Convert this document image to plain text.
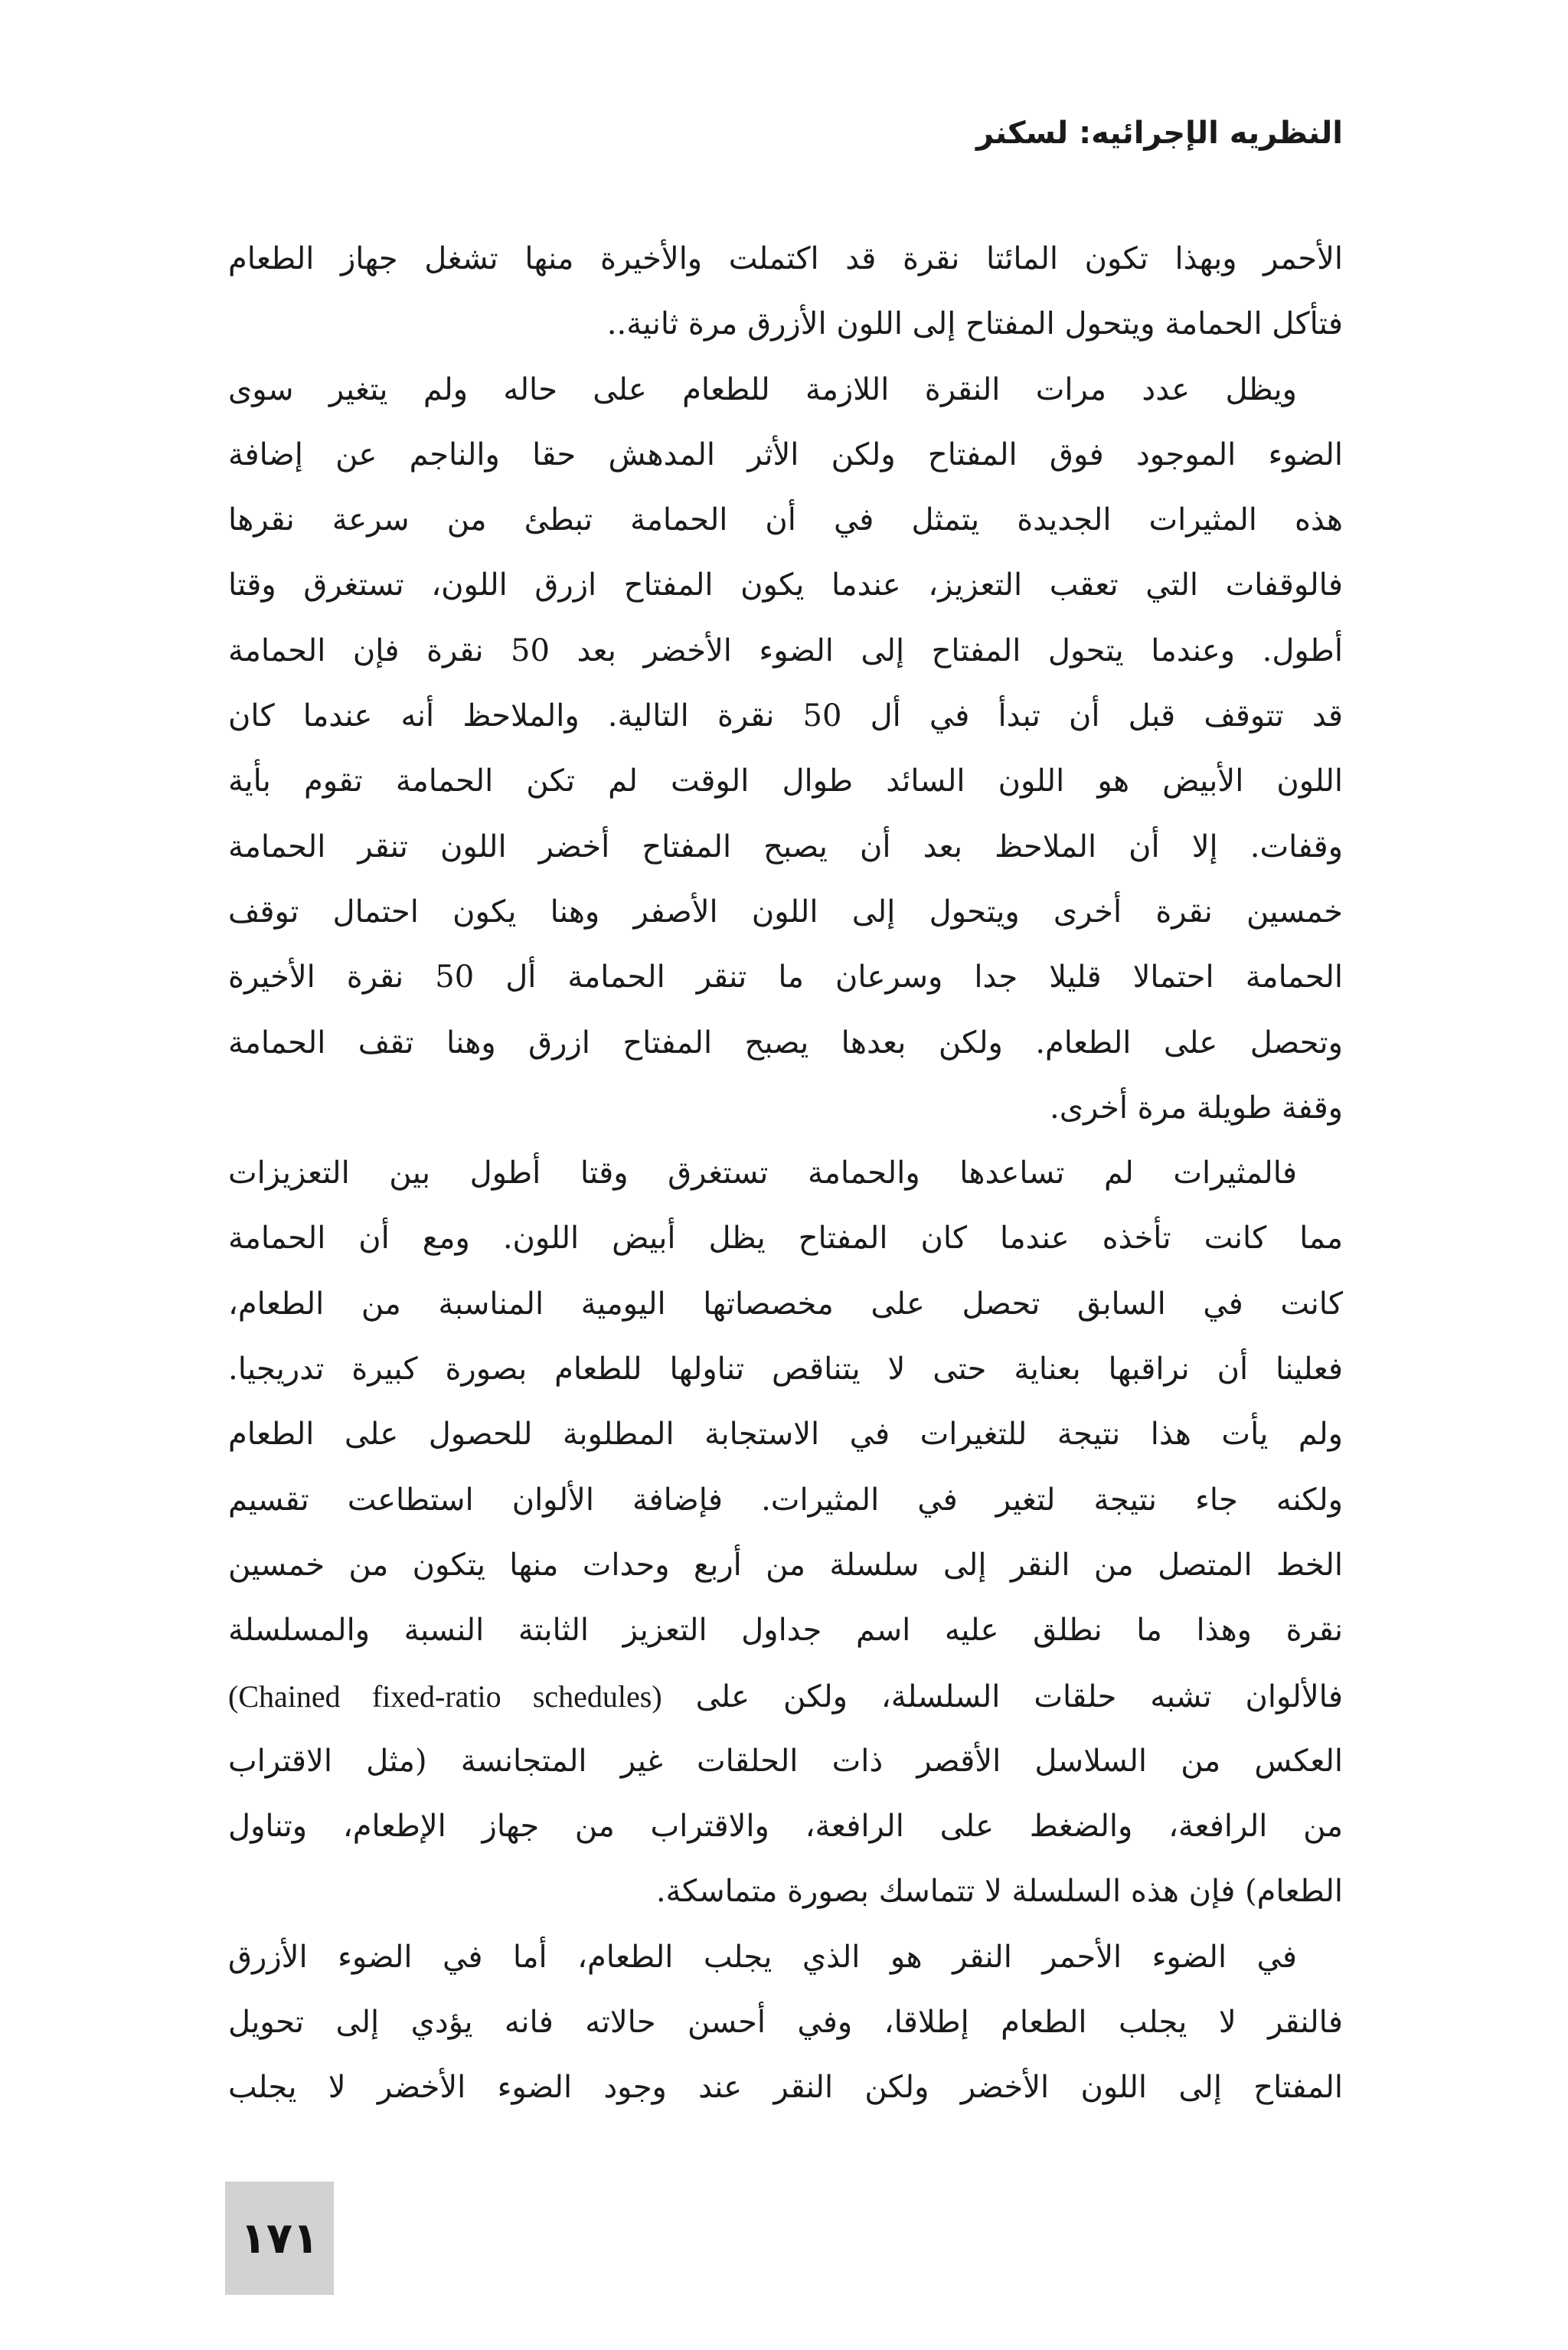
النظريه الإجرائيه: لسكنر
الأحمر وبهذا تكون المائتا نقرة قد اكتملت والأخيرة منها تشغل جهاز الطعام
فتأكل الحمامة ويتحول المفتاح إلى اللون الأزرق مرة ثانية..
ويظل عدد مرات النقرة اللازمة للطعام على حاله ولم يتغير سوى
الضوء الموجود فوق المفتاح ولكن الأثر المدهش حقا والناجم عن إضافة
هذه المثيرات الجديدة يتمثل في أن الحمامة تبطئ من سرعة نقرها
فالوقفات التي تعقب التعزيز، عندما يكون المفتاح ازرق اللون، تستغرق وقتا
أطول. وعندما يتحول المفتاح إلى الضوء الأخضر بعد 50 نقرة فإن الحمامة
قد تتوقف قبل أن تبدأ في أل 50 نقرة التالية. والملاحظ أنه عندما كان
اللون الأبيض هو اللون السائد طوال الوقت لم تكن الحمامة تقوم بأية
وقفات. إلا أن الملاحظ بعد أن يصبح المفتاح أخضر اللون تنقر الحمامة
خمسين نقرة أخرى ويتحول إلى اللون الأصفر وهنا يكون احتمال توقف
الحمامة احتمالا قليلا جدا وسرعان ما تنقر الحمامة أل 50 نقرة الأخيرة
وتحصل على الطعام. ولكن بعدها يصبح المفتاح ازرق وهنا تقف الحمامة
وقفة طويلة مرة أخرى.
فالمثيرات لم تساعدها والحمامة تستغرق وقتا أطول بين التعزيزات
مما كانت تأخذه عندما كان المفتاح يظل أبيض اللون. ومع أن الحمامة
كانت في السابق تحصل على مخصصاتها اليومية المناسبة من الطعام،
فعلينا أن نراقبها بعناية حتى لا يتناقص تناولها للطعام بصورة كبيرة تدريجيا.
ولم يأت هذا نتيجة للتغيرات في الاستجابة المطلوبة للحصول على الطعام
ولكنه جاء نتيجة لتغير في المثيرات. فإضافة الألوان استطاعت تقسيم
الخط المتصل من النقر إلى سلسلة من أربع وحدات منها يتكون من خمسين
نقرة وهذا ما نطلق عليه اسم جداول التعزيز الثابتة النسبة والمسلسلة
فالألوان تشبه حلقات السلسلة، ولكن على (Chained fixed-ratio schedules)
العكس من السلاسل الأقصر ذات الحلقات غير المتجانسة (مثل الاقتراب
من الرافعة، والضغط على الرافعة، والاقتراب من جهاز الإطعام، وتناول
الطعام) فإن هذه السلسلة لا تتماسك بصورة متماسكة.
في الضوء الأحمر النقر هو الذي يجلب الطعام، أما في الضوء الأزرق
فالنقر لا يجلب الطعام إطلاقا، وفي أحسن حالاته فانه يؤدي إلى تحويل
المفتاح إلى اللون الأخضر ولكن النقر عند وجود الضوء الأخضر لا يجلب
١٧١
